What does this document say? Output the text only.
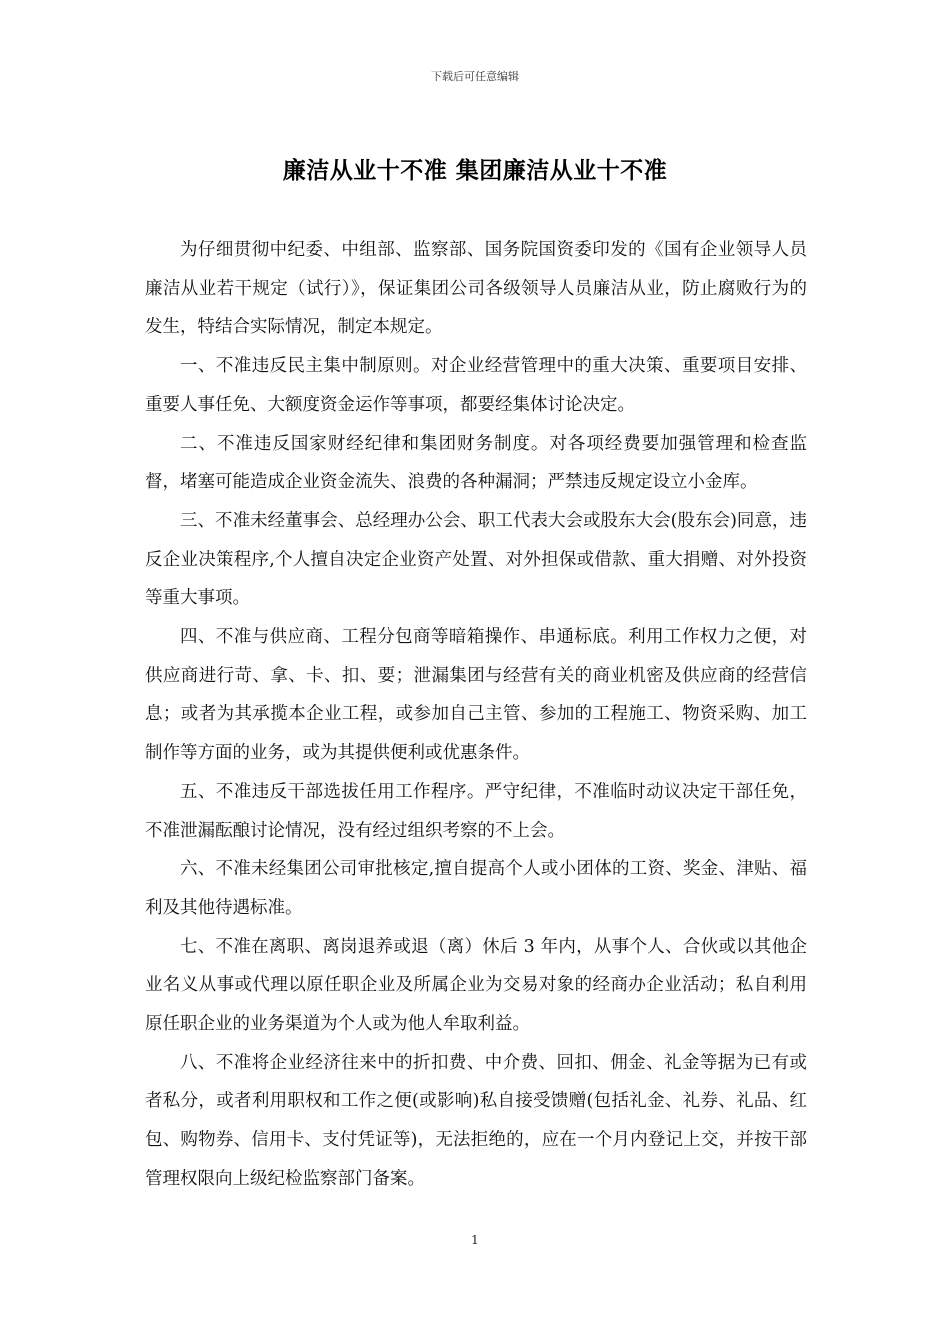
下载后可任意编辑
廉洁从业十不准 集团廉洁从业十不准

为仔细贯彻中纪委、中组部、监察部、国务院国资委印发的《国有企业领导人员廉洁从业若干规定（试行）》，保证集团公司各级领导人员廉洁从业，防止腐败行为的发生，特结合实际情况，制定本规定。

一、不准违反民主集中制原则。对企业经营管理中的重大决策、重要项目安排、重要人事任免、大额度资金运作等事项，都要经集体讨论决定。

二、不准违反国家财经纪律和集团财务制度。对各项经费要加强管理和检查监督，堵塞可能造成企业资金流失、浪费的各种漏洞；严禁违反规定设立小金库。

三、不准未经董事会、总经理办公会、职工代表大会或股东大会(股东会)同意，违反企业决策程序,个人擅自决定企业资产处置、对外担保或借款、重大捐赠、对外投资等重大事项。

四、不准与供应商、工程分包商等暗箱操作、串通标底。利用工作权力之便，对供应商进行苛、拿、卡、扣、要；泄漏集团与经营有关的商业机密及供应商的经营信息；或者为其承揽本企业工程，或参加自己主管、参加的工程施工、物资采购、加工制作等方面的业务，或为其提供便利或优惠条件。

五、不准违反干部选拔任用工作程序。严守纪律，不准临时动议决定干部任免，不准泄漏酝酿讨论情况，没有经过组织考察的不上会。

六、不准未经集团公司审批核定,擅自提高个人或小团体的工资、奖金、津贴、福利及其他待遇标准。

七、不准在离职、离岗退养或退（离）休后 3 年内，从事个人、合伙或以其他企业名义从事或代理以原任职企业及所属企业为交易对象的经商办企业活动；私自利用原任职企业的业务渠道为个人或为他人牟取利益。

八、不准将企业经济往来中的折扣费、中介费、回扣、佣金、礼金等据为已有或者私分，或者利用职权和工作之便(或影响)私自接受馈赠(包括礼金、礼券、礼品、红包、购物券、信用卡、支付凭证等)，无法拒绝的，应在一个月内登记上交，并按干部管理权限向上级纪检监察部门备案。

1
